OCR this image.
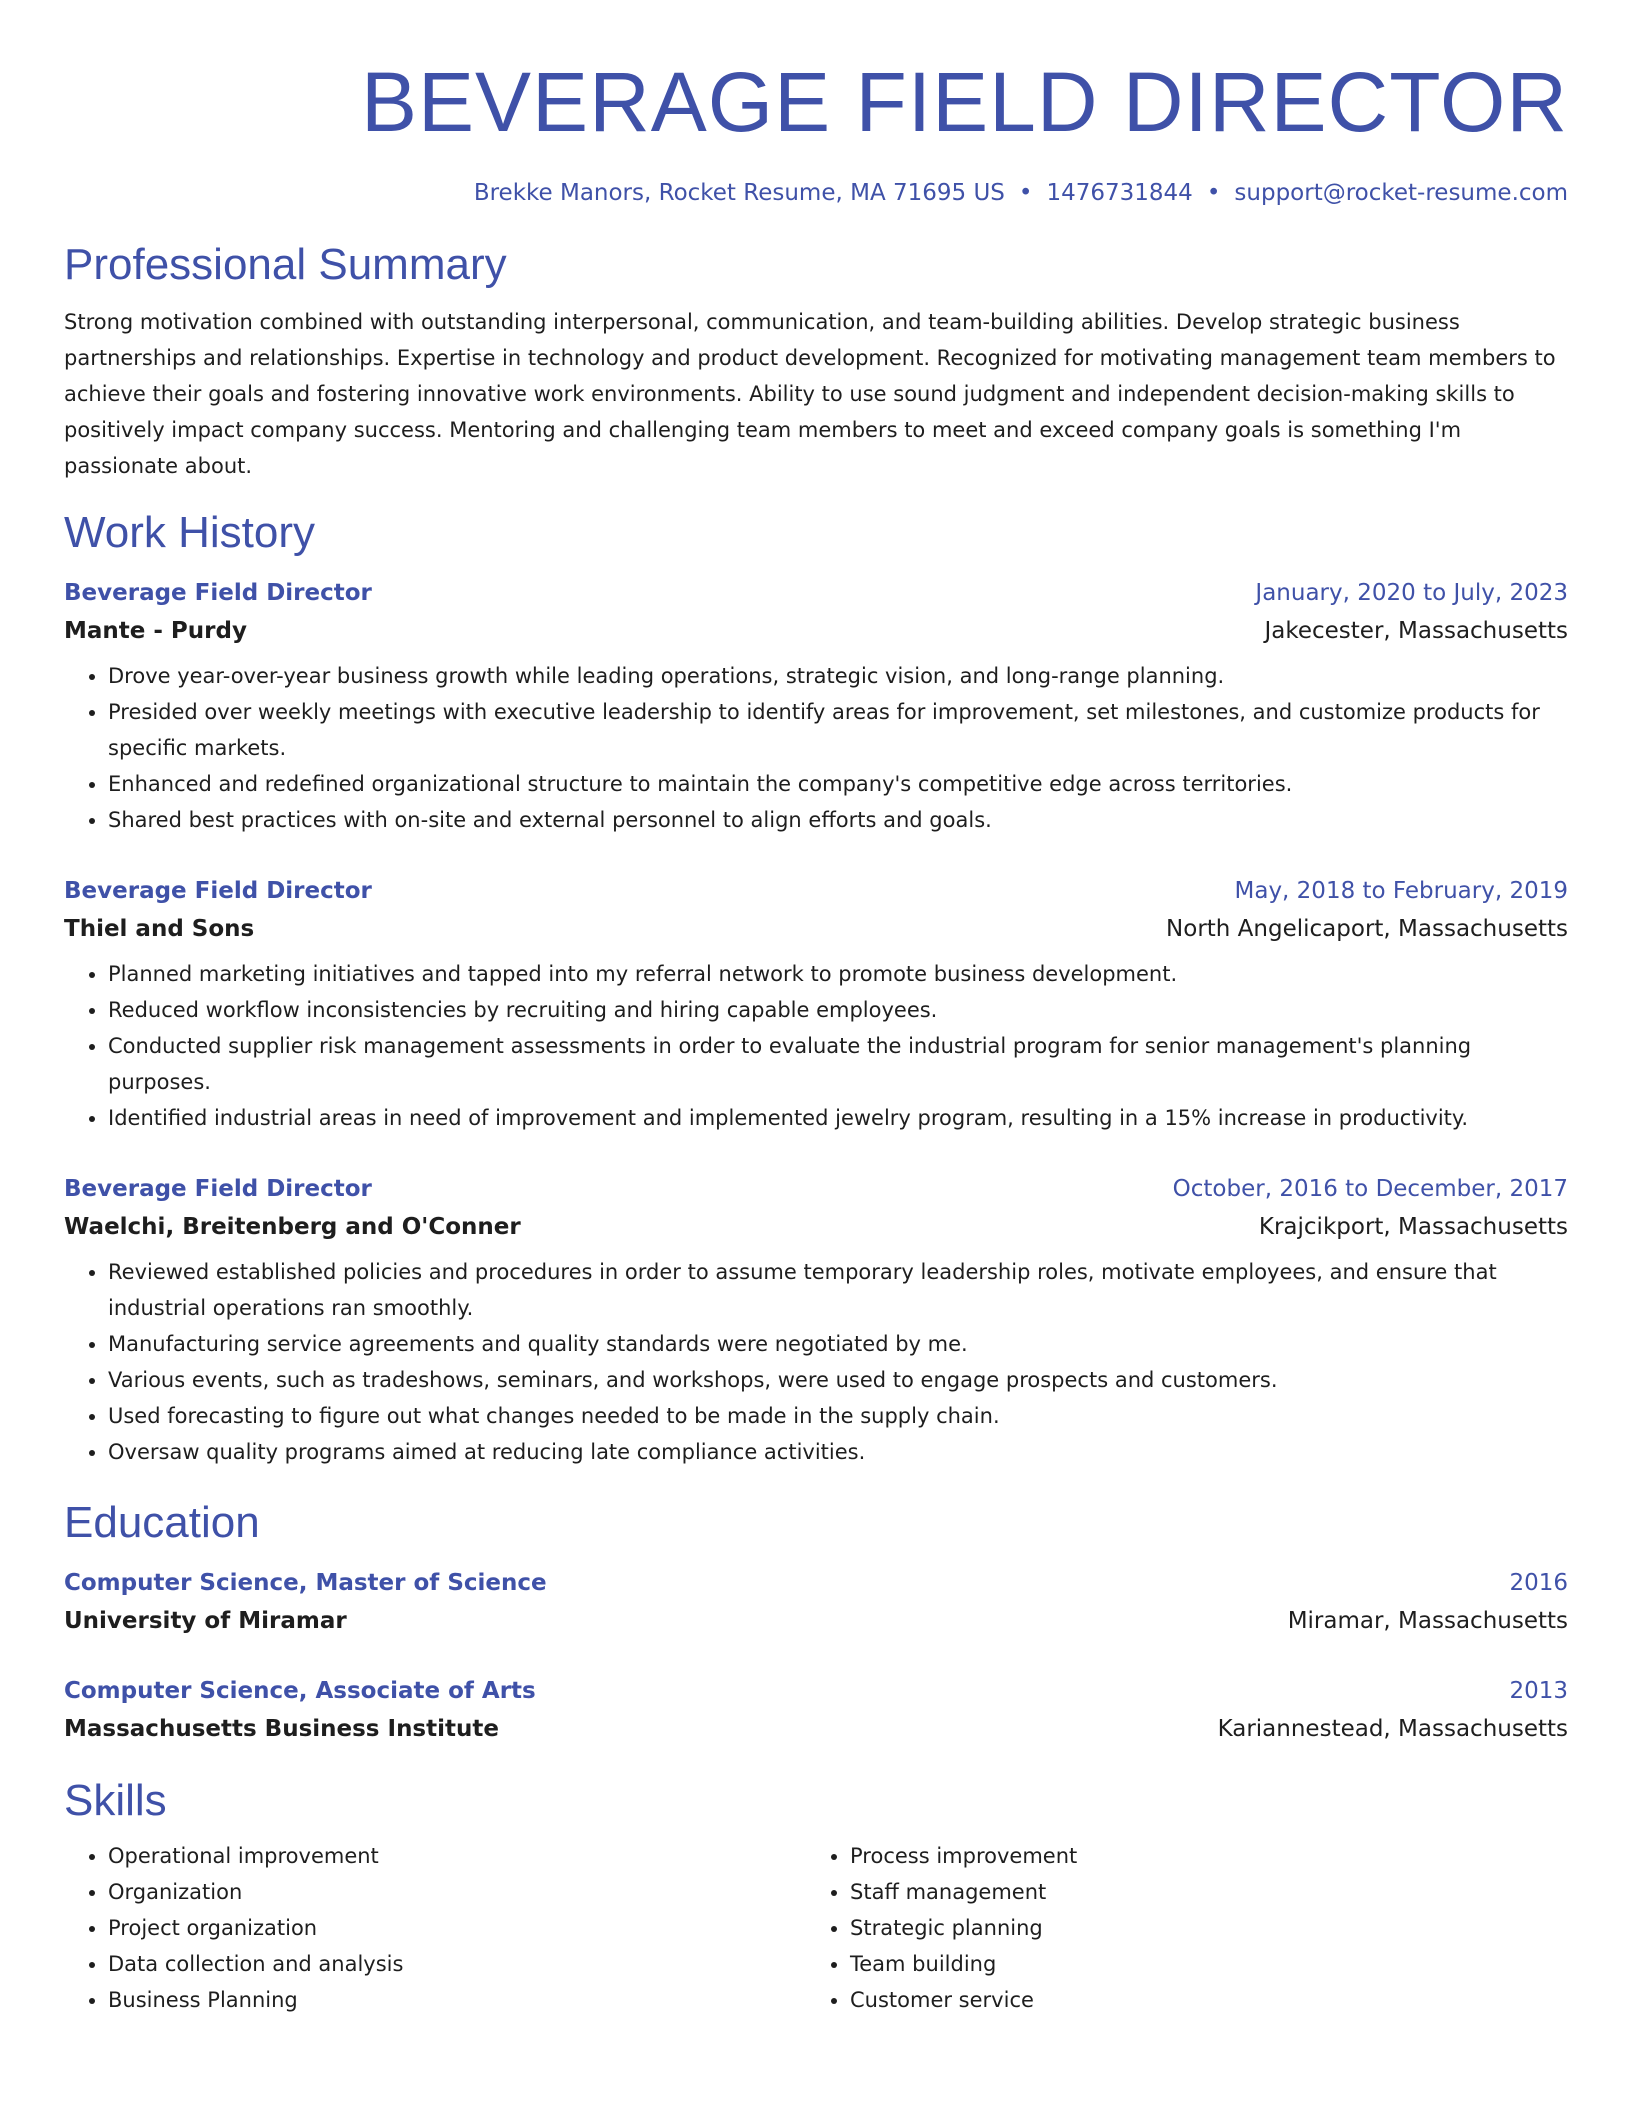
BEVERAGE FIELD DIRECTOR
Brekke Manors, Rocket Resume, MA 71695 US • 1476731844 • support@rocket-resume.com
Professional Summary
Strong motivation combined with outstanding interpersonal, communication, and team-building abilities. Develop strategic business partnerships and relationships. Expertise in technology and product development. Recognized for motivating management team members to achieve their goals and fostering innovative work environments. Ability to use sound judgment and independent decision-making skills to positively impact company success. Mentoring and challenging team members to meet and exceed company goals is something I'm passionate about.
Work History
Beverage Field Director	January, 2020 to July, 2023
Mante - Purdy	Jakecester, Massachusetts
• Drove year-over-year business growth while leading operations, strategic vision, and long-range planning.
• Presided over weekly meetings with executive leadership to identify areas for improvement, set milestones, and customize products for specific markets.
• Enhanced and redefined organizational structure to maintain the company's competitive edge across territories.
• Shared best practices with on-site and external personnel to align efforts and goals.
Beverage Field Director	May, 2018 to February, 2019
Thiel and Sons	North Angelicaport, Massachusetts
• Planned marketing initiatives and tapped into my referral network to promote business development.
• Reduced workflow inconsistencies by recruiting and hiring capable employees.
• Conducted supplier risk management assessments in order to evaluate the industrial program for senior management's planning purposes.
• Identified industrial areas in need of improvement and implemented jewelry program, resulting in a 15% increase in productivity.
Beverage Field Director	October, 2016 to December, 2017
Waelchi, Breitenberg and O'Conner	Krajcikport, Massachusetts
• Reviewed established policies and procedures in order to assume temporary leadership roles, motivate employees, and ensure that industrial operations ran smoothly.
• Manufacturing service agreements and quality standards were negotiated by me.
• Various events, such as tradeshows, seminars, and workshops, were used to engage prospects and customers.
• Used forecasting to figure out what changes needed to be made in the supply chain.
• Oversaw quality programs aimed at reducing late compliance activities.
Education
Computer Science, Master of Science	2016
University of Miramar	Miramar, Massachusetts
Computer Science, Associate of Arts	2013
Massachusetts Business Institute	Kariannestead, Massachusetts
Skills
• Operational improvement
• Organization
• Project organization
• Data collection and analysis
• Business Planning
• Process improvement
• Staff management
• Strategic planning
• Team building
• Customer service
